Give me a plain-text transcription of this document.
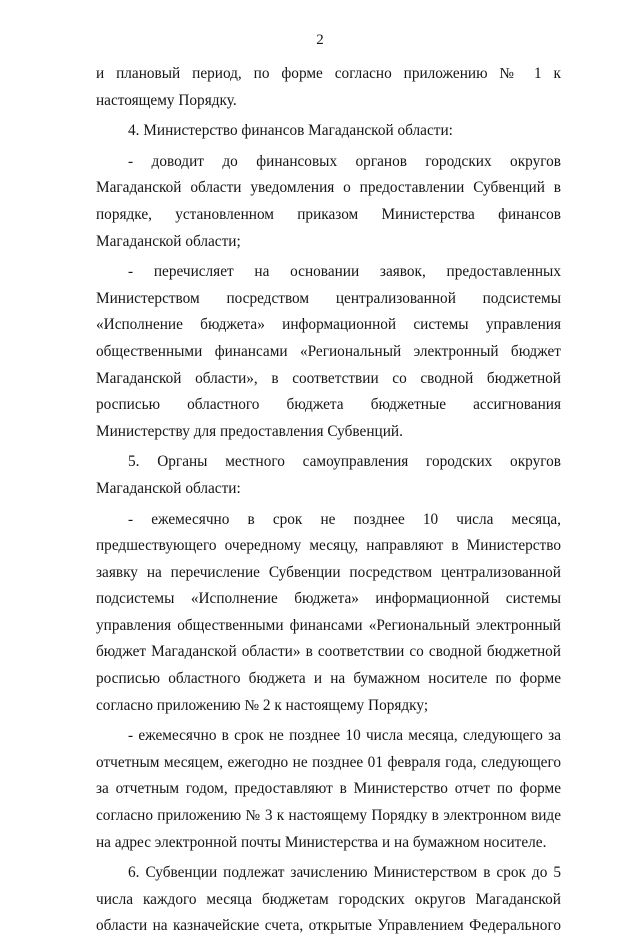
2

и плановый период, по форме согласно приложению № 1 к настоящему Порядку.

4. Министерство финансов Магаданской области:

- доводит до финансовых органов городских округов Магаданской области уведомления о предоставлении Субвенций в порядке, установленном приказом Министерства финансов Магаданской области;

- перечисляет на основании заявок, предоставленных Министерством посредством централизованной подсистемы «Исполнение бюджета» информационной системы управления общественными финансами «Региональный электронный бюджет Магаданской области», в соответствии со сводной бюджетной росписью областного бюджета бюджетные ассигнования Министерству для предоставления Субвенций.

5. Органы местного самоуправления городских округов Магаданской области:

- ежемесячно в срок не позднее 10 числа месяца, предшествующего очередному месяцу, направляют в Министерство заявку на перечисление Субвенции посредством централизованной подсистемы «Исполнение бюджета» информационной системы управления общественными финансами «Региональный электронный бюджет Магаданской области» в соответствии со сводной бюджетной росписью областного бюджета и на бумажном носителе по форме согласно приложению № 2 к настоящему Порядку;

- ежемесячно в срок не позднее 10 числа месяца, следующего за отчетным месяцем, ежегодно не позднее 01 февраля года, следующего за отчетным годом, предоставляют в Министерство отчет по форме согласно приложению № 3 к настоящему Порядку в электронном виде на адрес электронной почты Министерства и на бумажном носителе.

6. Субвенции подлежат зачислению Министерством в срок до 5 числа каждого месяца бюджетам городских округов Магаданской области на казначейские счета, открытые Управлением Федерального
